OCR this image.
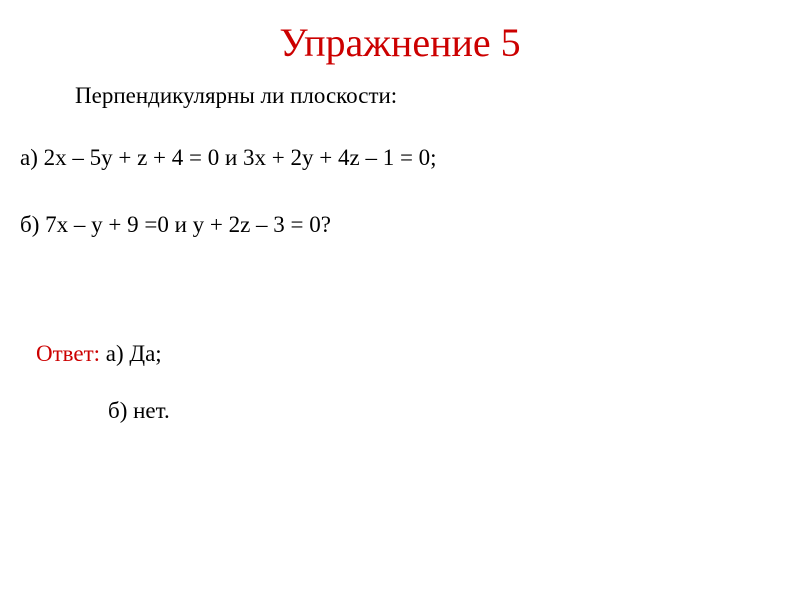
Упражнение 5
Перпендикулярны ли плоскости:
а) 2x – 5y + z + 4 = 0 и 3x + 2y + 4z – 1 = 0;
б) 7x – y + 9 =0 и y + 2z – 3 = 0?
Ответ: а) Да;
б) нет.
